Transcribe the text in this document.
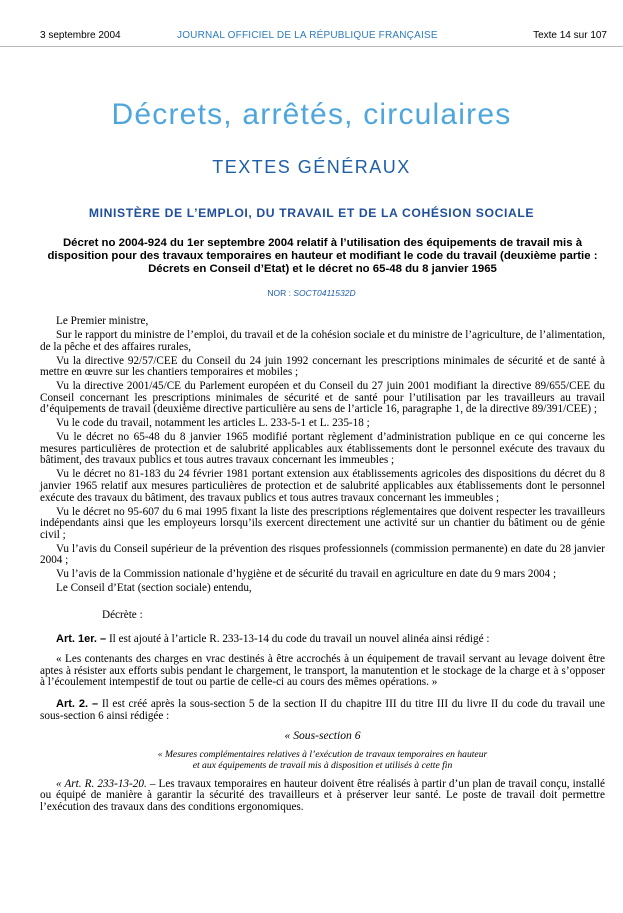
3 septembre 2004	JOURNAL OFFICIEL DE LA RÉPUBLIQUE FRANÇAISE	Texte 14 sur 107
Décrets, arrêtés, circulaires
TEXTES GÉNÉRAUX
MINISTÈRE DE L’EMPLOI, DU TRAVAIL ET DE LA COHÉSION SOCIALE
Décret no 2004-924 du 1er septembre 2004 relatif à l’utilisation des équipements de travail mis à disposition pour des travaux temporaires en hauteur et modifiant le code du travail (deuxième partie : Décrets en Conseil d’Etat) et le décret no 65-48 du 8 janvier 1965
NOR : SOCT0411532D

Le Premier ministre,

Sur le rapport du ministre de l’emploi, du travail et de la cohésion sociale et du ministre de l’agriculture, de l’alimentation, de la pêche et des affaires rurales,

Vu la directive 92/57/CEE du Conseil du 24 juin 1992 concernant les prescriptions minimales de sécurité et de santé à mettre en œuvre sur les chantiers temporaires et mobiles ;

Vu la directive 2001/45/CE du Parlement européen et du Conseil du 27 juin 2001 modifiant la directive 89/655/CEE du Conseil concernant les prescriptions minimales de sécurité et de santé pour l’utilisation par les travailleurs au travail d’équipements de travail (deuxième directive particulière au sens de l’article 16, paragraphe 1, de la directive 89/391/CEE) ;

Vu le code du travail, notamment les articles L. 233-5-1 et L. 235-18 ;

Vu le décret no 65-48 du 8 janvier 1965 modifié portant règlement d’administration publique en ce qui concerne les mesures particulières de protection et de salubrité applicables aux établissements dont le personnel exécute des travaux du bâtiment, des travaux publics et tous autres travaux concernant les immeubles ;

Vu le décret no 81-183 du 24 février 1981 portant extension aux établissements agricoles des dispositions du décret du 8 janvier 1965 relatif aux mesures particulières de protection et de salubrité applicables aux établissements dont le personnel exécute des travaux du bâtiment, des travaux publics et tous autres travaux concernant les immeubles ;

Vu le décret no 95-607 du 6 mai 1995 fixant la liste des prescriptions réglementaires que doivent respecter les travailleurs indépendants ainsi que les employeurs lorsqu’ils exercent directement une activité sur un chantier du bâtiment ou de génie civil ;

Vu l’avis du Conseil supérieur de la prévention des risques professionnels (commission permanente) en date du 28 janvier 2004 ;

Vu l’avis de la Commission nationale d’hygiène et de sécurité du travail en agriculture en date du 9 mars 2004 ;

Le Conseil d’Etat (section sociale) entendu,

Décrète :

Art. 1er. – Il est ajouté à l’article R. 233-13-14 du code du travail un nouvel alinéa ainsi rédigé :

« Les contenants des charges en vrac destinés à être accrochés à un équipement de travail servant au levage doivent être aptes à résister aux efforts subis pendant le chargement, le transport, la manutention et le stockage de la charge et à s’opposer à l’écoulement intempestif de tout ou partie de celle-ci au cours des mêmes opérations. »

Art. 2. – Il est créé après la sous-section 5 de la section II du chapitre III du titre III du livre II du code du travail une sous-section 6 ainsi rédigée :

« Sous-section 6
« Mesures complémentaires relatives à l’exécution de travaux temporaires en hauteur
et aux équipements de travail mis à disposition et utilisés à cette fin

« Art. R. 233-13-20. – Les travaux temporaires en hauteur doivent être réalisés à partir d’un plan de travail conçu, installé ou équipé de manière à garantir la sécurité des travailleurs et à préserver leur santé. Le poste de travail doit permettre l’exécution des travaux dans des conditions ergonomiques.
